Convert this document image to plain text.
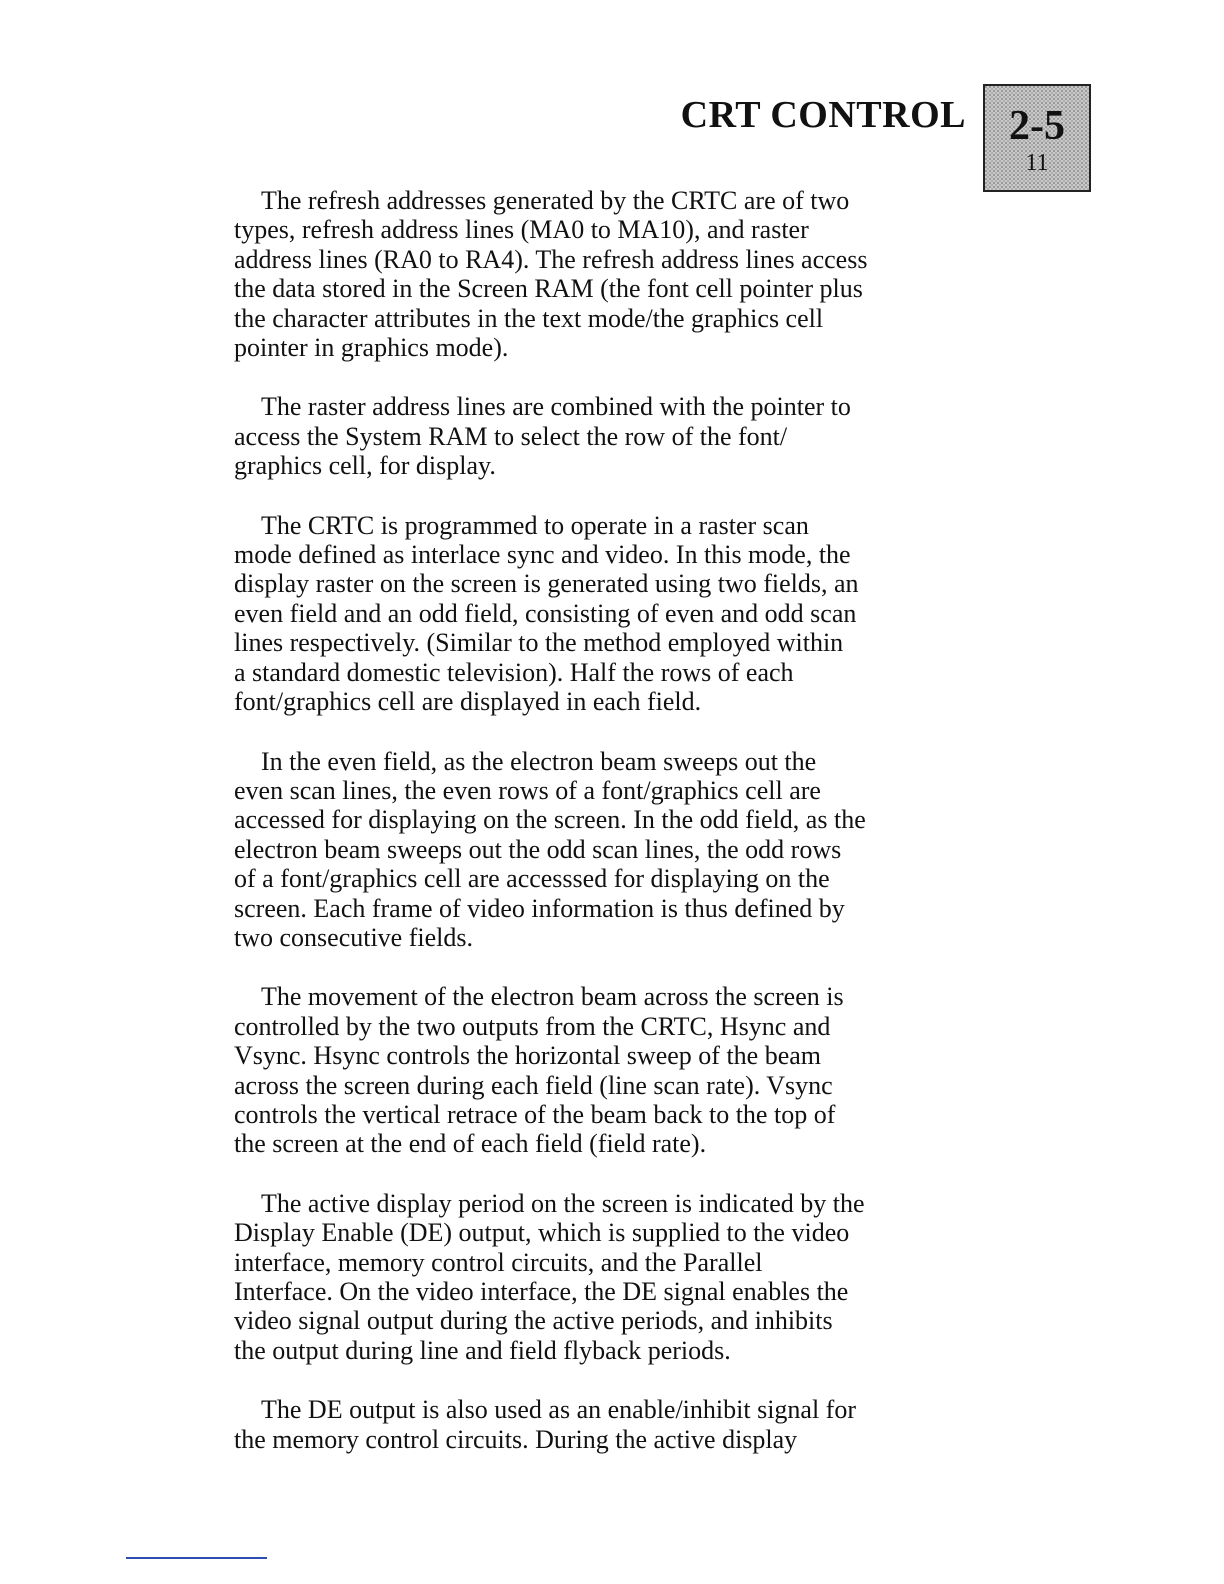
CRT CONTROL	2-5
11

The refresh addresses generated by the CRTC are of two
types, refresh address lines (MA0 to MA10), and raster
address lines (RA0 to RA4). The refresh address lines access
the data stored in the Screen RAM (the font cell pointer plus
the character attributes in the text mode/the graphics cell
pointer in graphics mode).

The raster address lines are combined with the pointer to
access the System RAM to select the row of the font/
graphics cell, for display.

The CRTC is programmed to operate in a raster scan
mode defined as interlace sync and video. In this mode, the
display raster on the screen is generated using two fields, an
even field and an odd field, consisting of even and odd scan
lines respectively. (Similar to the method employed within
a standard domestic television). Half the rows of each
font/graphics cell are displayed in each field.

In the even field, as the electron beam sweeps out the
even scan lines, the even rows of a font/graphics cell are
accessed for displaying on the screen. In the odd field, as the
electron beam sweeps out the odd scan lines, the odd rows
of a font/graphics cell are accesssed for displaying on the
screen. Each frame of video information is thus defined by
two consecutive fields.

The movement of the electron beam across the screen is
controlled by the two outputs from the CRTC, Hsync and
Vsync. Hsync controls the horizontal sweep of the beam
across the screen during each field (line scan rate). Vsync
controls the vertical retrace of the beam back to the top of
the screen at the end of each field (field rate).

The active display period on the screen is indicated by the
Display Enable (DE) output, which is supplied to the video
interface, memory control circuits, and the Parallel
Interface. On the video interface, the DE signal enables the
video signal output during the active periods, and inhibits
the output during line and field flyback periods.

The DE output is also used as an enable/inhibit signal for
the memory control circuits. During the active display
